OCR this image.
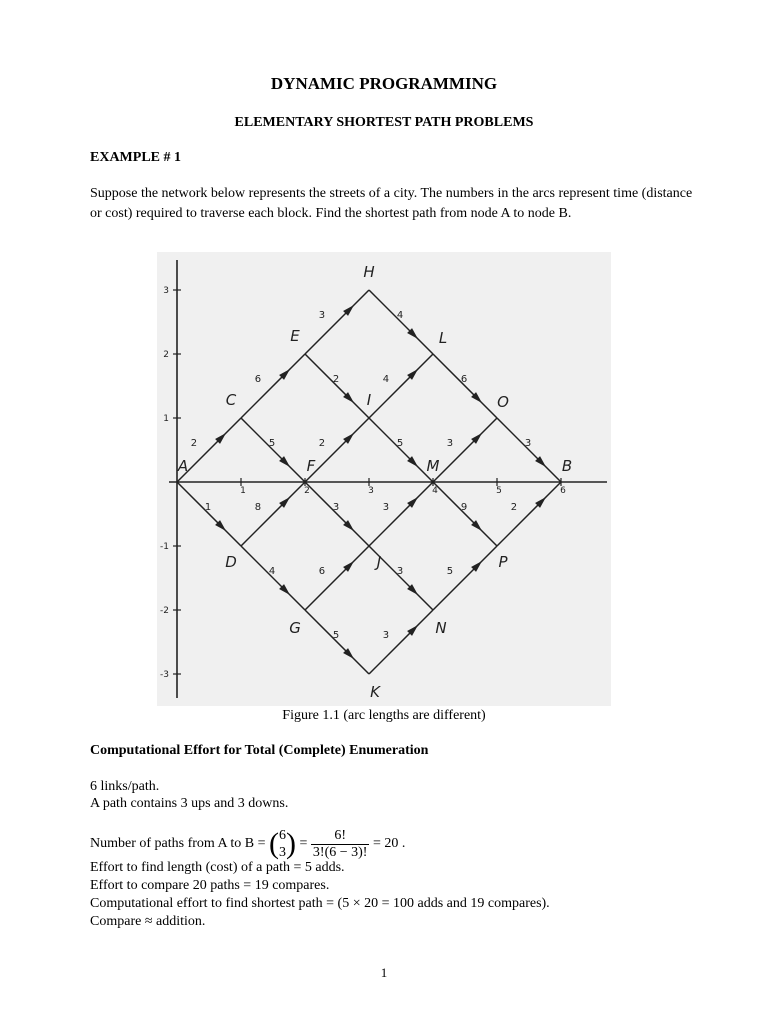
DYNAMIC PROGRAMMING
ELEMENTARY SHORTEST PATH PROBLEMS
EXAMPLE # 1
Suppose the network below represents the streets of a city. The numbers in the arcs represent time (distance or cost) required to traverse each block. Find the shortest path from node A to node B.
1	2	3	4	5	6
3
2
1
-1
-2
-3
2
1
6
5
8
4
3
2
2
3
6
5
4
4
5
3
3
3
6
3
9
5
3
2
A	B
C
D
E
F
G
H
I
J
K
L
M
N
O
P
Figure 1.1 (arc lengths are different)
Computational Effort for Total (Complete) Enumeration
6 links/path.
A path contains 3 ups and 3 downs.
Number of paths from A to B = ( 6
3 ) = $\frac{6!}{3!(6 - 3)!} = 20$ .
Effort to find length (cost) of a path = 5 adds.
Effort to compare 20 paths = 19 compares.
Computational effort to find shortest path = (5 × 20 = 100 adds and 19 compares).
Compare ≈ addition.
1
